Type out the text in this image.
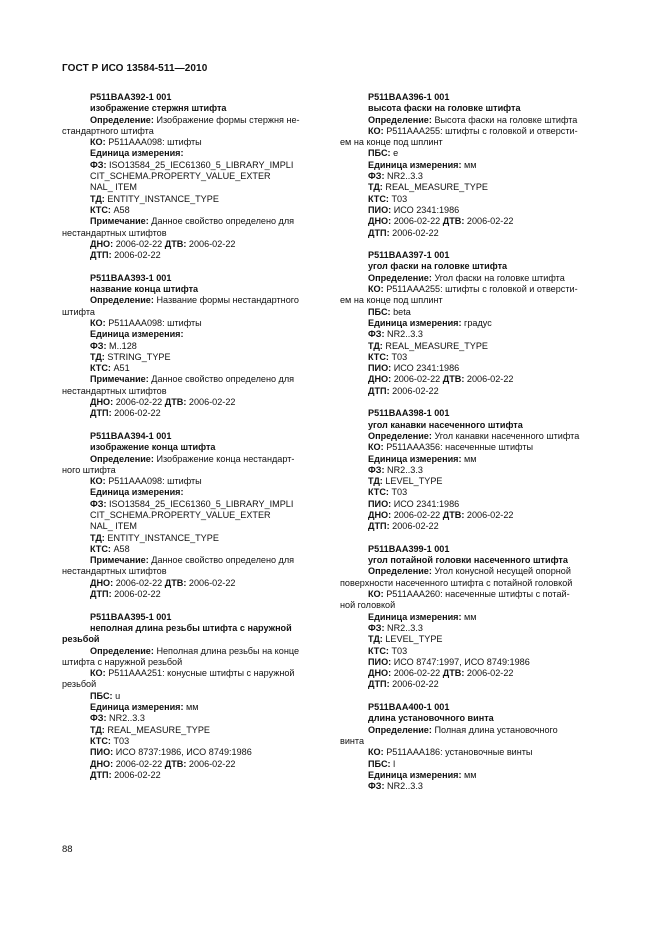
ГОСТ Р ИСО 13584-511—2010
P511BAA392-1 001
изображение стержня штифта
Определение: Изображение формы стержня не-
стандартного штифта
КО: P511AAA098: штифты
Единица измерения:
ФЗ: ISO13584_25_IEC61360_5_LIBRARY_IMPLI
CIT_SCHEMA.PROPERTY_VALUE_EXTER
NAL_ ITEM
ТД: ENTITY_INSTANCE_TYPE
КТС: A58
Примечание: Данное свойство определено для
нестандартных штифтов
ДНО: 2006-02-22 ДТВ: 2006-02-22
ДТП: 2006-02-22
P511BAA393-1 001
название конца штифта
Определение: Название формы нестандартного
штифта
КО: P511AAA098: штифты
Единица измерения:
ФЗ: M..128
ТД: STRING_TYPE
КТС: A51
Примечание: Данное свойство определено для
нестандартных штифтов
ДНО: 2006-02-22 ДТВ: 2006-02-22
ДТП: 2006-02-22
P511BAA394-1 001
изображение конца штифта
Определение: Изображение конца нестандарт-
ного штифта
КО: P511AAA098: штифты
Единица измерения:
ФЗ: ISO13584_25_IEC61360_5_LIBRARY_IMPLI
CIT_SCHEMA.PROPERTY_VALUE_EXTER
NAL_ ITEM
ТД: ENTITY_INSTANCE_TYPE
КТС: A58
Примечание: Данное свойство определено для
нестандартных штифтов
ДНО: 2006-02-22 ДТВ: 2006-02-22
ДТП: 2006-02-22
P511BAA395-1 001
неполная длина резьбы штифта с наружной
резьбой
Определение: Неполная длина резьбы на конце
штифта с наружной резьбой
КО: P511AAA251: конусные штифты с наружной
резьбой
ПБС: u
Единица измерения: мм
ФЗ: NR2..3.3
ТД: REAL_MEASURE_TYPE
КТС: T03
ПИО: ИСО 8737:1986, ИСО 8749:1986
ДНО: 2006-02-22 ДТВ: 2006-02-22
ДТП: 2006-02-22
P511BAA396-1 001
высота фаски на головке штифта
Определение: Высота фаски на головке штифта
КО: P511AAA255: штифты с головкой и отверсти-
ем на конце под шплинт
ПБС: e
Единица измерения: мм
ФЗ: NR2..3.3
ТД: REAL_MEASURE_TYPE
КТС: T03
ПИО: ИСО 2341:1986
ДНО: 2006-02-22 ДТВ: 2006-02-22
ДТП: 2006-02-22
P511BAA397-1 001
угол фаски на головке штифта
Определение: Угол фаски на головке штифта
КО: P511AAA255: штифты с головкой и отверсти-
ем на конце под шплинт
ПБС: beta
Единица измерения: градус
ФЗ: NR2..3.3
ТД: REAL_MEASURE_TYPE
КТС: T03
ПИО: ИСО 2341:1986
ДНО: 2006-02-22 ДТВ: 2006-02-22
ДТП: 2006-02-22
P511BAA398-1 001
угол канавки насеченного штифта
Определение: Угол канавки насеченного штифта
КО: P511AAA356: насеченные штифты
Единица измерения: мм
ФЗ: NR2..3.3
ТД: LEVEL_TYPE
КТС: T03
ПИО: ИСО 2341:1986
ДНО: 2006-02-22 ДТВ: 2006-02-22
ДТП: 2006-02-22
P511BAA399-1 001
угол потайной головки насеченного штифта
Определение: Угол конусной несущей опорной
поверхности насеченного штифта с потайной головкой
КО: P511AAA260: насеченные штифты с потай-
ной головкой
Единица измерения: мм
ФЗ: NR2..3.3
ТД: LEVEL_TYPE
КТС: T03
ПИО: ИСО 8747:1997, ИСО 8749:1986
ДНО: 2006-02-22 ДТВ: 2006-02-22
ДТП: 2006-02-22
P511BAA400-1 001
длина установочного винта
Определение: Полная длина установочного
винта
КО: P511AAA186: установочные винты
ПБС: l
Единица измерения: мм
ФЗ: NR2..3.3
88
